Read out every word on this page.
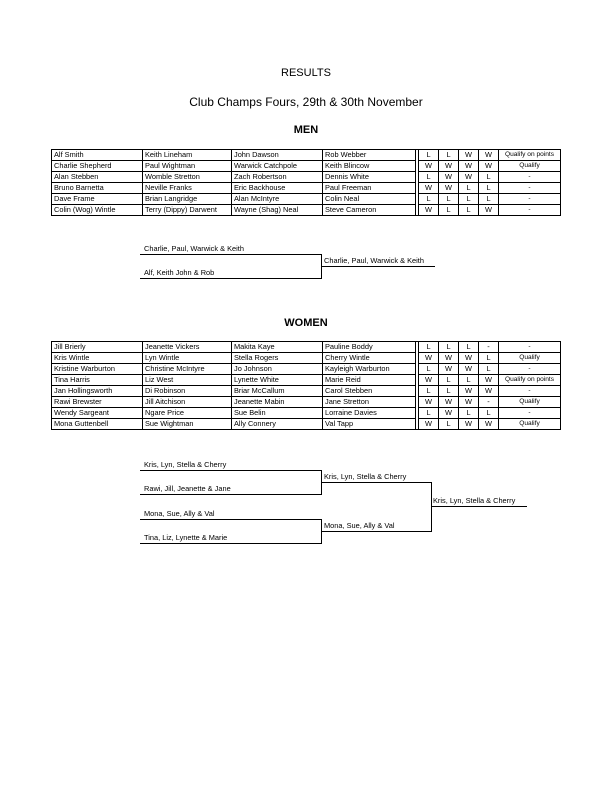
RESULTS
Club Champs Fours, 29th & 30th November
MEN
Alf Smith	Keith Lineham	John Dawson	Rob Webber		L	L	W	W	Qualify on points
Charlie Shepherd	Paul Wightman	Warwick Catchpole	Keith Blincow		W	W	W	W	Qualify
Alan Stebben	Womble Stretton	Zach Robertson	Dennis White		L	W	W	L	-
Bruno Barnetta	Neville Franks	Eric Backhouse	Paul Freeman		W	W	L	L	-
Dave Frame	Brian Langridge	Alan McIntyre	Colin Neal		L	L	L	L	-
Colin (Wog) Wintle	Terry (Dippy) Darwent	Wayne (Shag) Neal	Steve Cameron		W	L	L	W	-
Charlie, Paul, Warwick & Keith
Alf, Keith John & Rob
Charlie, Paul, Warwick & Keith
WOMEN
Jill Brierly	Jeanette Vickers	Makita Kaye	Pauline Boddy		L	L	L	-	-
Kris Wintle	Lyn Wintle	Stella Rogers	Cherry Wintle		W	W	W	L	Qualify
Kristine Warburton	Christine McIntyre	Jo Johnson	Kayleigh Warburton		L	W	W	L	-
Tina Harris	Liz West	Lynette White	Marie Reid		W	L	L	W	Qualify on points
Jan Hollingsworth	Di Robinson	Briar McCallum	Carol Stebben		L	L	W	W	-
Rawi Brewster	Jill Aitchison	Jeanette Mabin	Jane Stretton		W	W	W	-	Qualify
Wendy Sargeant	Ngare Price	Sue Belin	Lorraine Davies		L	W	L	L	-
Mona Guttenbell	Sue Wightman	Ally Connery	Val Tapp		W	L	W	W	Qualify
Kris, Lyn, Stella & Cherry
Rawi, Jill, Jeanette & Jane
Mona, Sue, Ally & Val
Tina, Liz, Lynette & Marie
Kris, Lyn, Stella & Cherry
Mona, Sue, Ally & Val
Kris, Lyn, Stella & Cherry
